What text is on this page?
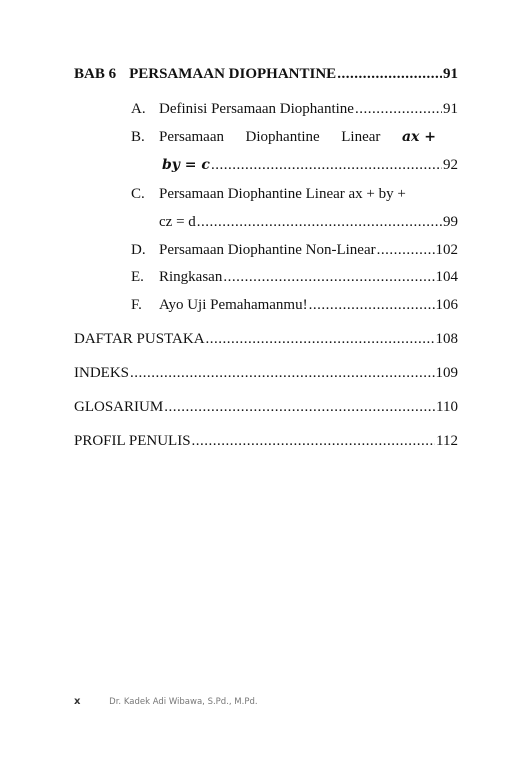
BAB 6 PERSAMAAN DIOPHANTINE .....	91
A. Definisi Persamaan Diophantine .....	91
B. Persamaan Diophantine Linear ax +
by = c .....	92
C. Persamaan Diophantine Linear ax + by +
cz = d .....	99
D. Persamaan Diophantine Non-Linear .....	102
E. Ringkasan .....	104
F. Ayo Uji Pemahamanmu! .....	106
DAFTAR PUSTAKA .....	108
INDEKS .....	109
GLOSARIUM .....	110
PROFIL PENULIS .....	112
x	Dr. Kadek Adi Wibawa, S.Pd., M.Pd.
